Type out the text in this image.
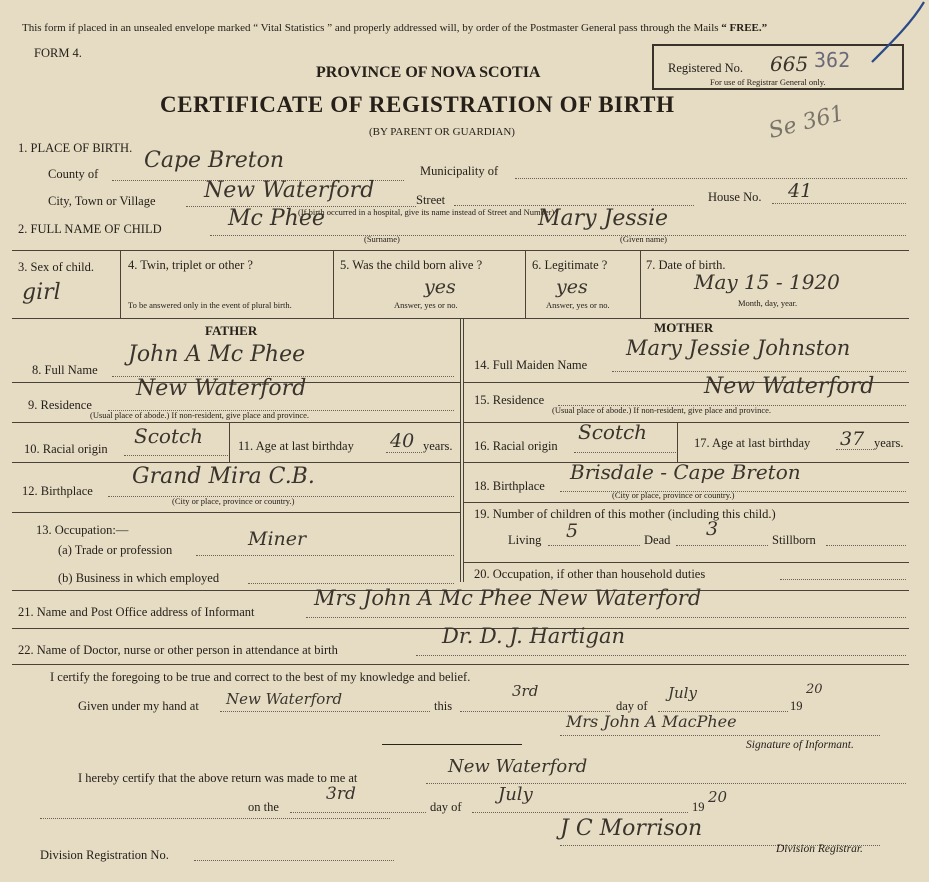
This form if placed in an unsealed envelope marked “ Vital Statistics ” and properly addressed will, by order of the Postmaster General pass through the Mails “ FREE.”
FORM 4.
PROVINCE OF NOVA SCOTIA
CERTIFICATE OF REGISTRATION OF BIRTH
(BY PARENT OR GUARDIAN)
Registered No. 665 362
For use of Registrar General only.
Se 361
1. PLACE OF BIRTH.
County of
Cape Breton	Municipality of
City, Town or Village New Waterford	Street	House No. 41
(If birth occurred in a hospital, give its name instead of Street and Number)
2. FULL NAME OF CHILD	Mc Phee
(Surname)
Mary Jessie
(Given name)
3. Sex of child.
girl
4. Twin, triplet or other ?
To be answered only in the event of plural birth.
5. Was the child born alive ?
yes
Answer, yes or no.
6. Legitimate ?
yes
Answer, yes or no.
7. Date of birth.
May 15 - 1920
Month, day, year.
FATHER	MOTHER
8. Full Name
John A Mc Phee
9. Residence
New Waterford
(Usual place of abode.) If non-resident, give place and province.
10. Racial origin
Scotch	11. Age at last birthday 40 years.
12. Birthplace
Grand Mira C.B.
(City or place, province or country.)
13. Occupation:—
(a) Trade or profession	Miner
(b) Business in which employed
14. Full Maiden Name
Mary Jessie Johnston
15. Residence
New Waterford
(Usual place of abode.) If non-resident, give place and province.
16. Racial origin
Scotch	17. Age at last birthday 37 years.
18. Birthplace
Brisdale - Cape Breton
(City or place, province or country.)
19. Number of children of this mother (including this child.)
Living 5	Dead 3	Stillborn
20. Occupation, if other than household duties
21. Name and Post Office address of Informant
Mrs John A Mc Phee New Waterford
22. Name of Doctor, nurse or other person in attendance at birth
Dr. D. J. Hartigan
I certify the foregoing to be true and correct to the best of my knowledge and belief.
Given under my hand at New Waterford	this
3rd
day of
July
19
20
Mrs John A MacPhee
Signature of Informant.
I hereby certify that the above return was made to me at
New Waterford
on the
3rd
day of
July
19
20
J C Morrison
Division Registrar.
Division Registration No.
